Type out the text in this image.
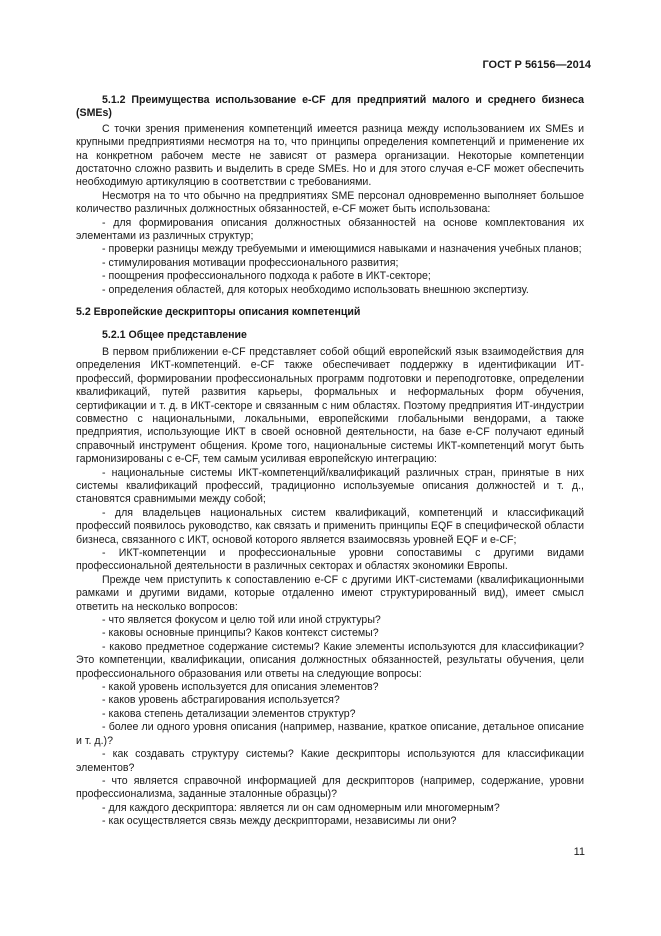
ГОСТ Р 56156—2014

5.1.2 Преимущества использование e-CF для предприятий малого и среднего бизнеса (SMEs)

С точки зрения применения компетенций имеется разница между использованием их SMEs и крупными предприятиями несмотря на то, что принципы определения компетенций и применение их на конкретном рабочем месте не зависят от размера организации. Некоторые компетенции достаточно сложно развить и выделить в среде SMEs. Но и для этого случая e-CF может обеспечить необходимую артикуляцию в соответствии с требованиями.

Несмотря на то что обычно на предприятиях SME персонал одновременно выполняет большое количество различных должностных обязанностей, e-CF может быть использована:

- для формирования описания должностных обязанностей на основе комплектования их элементами из различных структур;

- проверки разницы между требуемыми и имеющимися навыками и назначения учебных планов;

- стимулирования мотивации профессионального развития;

- поощрения профессионального подхода к работе в ИКТ-секторе;

- определения областей, для которых необходимо использовать внешнюю экспертизу.

5.2 Европейские дескрипторы описания компетенций

5.2.1 Общее представление

В первом приближении e-CF представляет собой общий европейский язык взаимодействия для определения ИКТ-компетенций. e-CF также обеспечивает поддержку в идентификации ИТ-профессий, формировании профессиональных программ подготовки и переподготовке, определении квалификаций, путей развития карьеры, формальных и неформальных форм обучения, сертификации и т. д. в ИКТ-секторе и связанным с ним областях. Поэтому предприятия ИТ-индустрии совместно с национальными, локальными, европейскими глобальными вендорами, а также предприятия, использующие ИКТ в своей основной деятельности, на базе e-CF получают единый справочный инструмент общения. Кроме того, национальные системы ИКТ-компетенций могут быть гармонизированы с e-CF, тем самым усиливая европейскую интеграцию:

- национальные системы ИКТ-компетенций/квалификаций различных стран, принятые в них системы квалификаций профессий, традиционно используемые описания должностей и т. д., становятся сравнимыми между собой;

- для владельцев национальных систем квалификаций, компетенций и классификаций профессий появилось руководство, как связать и применить принципы EQF в специфической области бизнеса, связанного с ИКТ, основой которого является взаимосвязь уровней EQF и e-CF;

- ИКТ-компетенции и профессиональные уровни сопоставимы с другими видами профессиональной деятельности в различных секторах и областях экономики Европы.

Прежде чем приступить к сопоставлению e-CF с другими ИКТ-системами (квалификационными рамками и другими видами, которые отдаленно имеют структурированный вид), имеет смысл ответить на несколько вопросов:

- что является фокусом и целю той или иной структуры?

- каковы основные принципы? Каков контекст системы?

- каково предметное содержание системы? Какие элементы используются для классификации? Это компетенции, квалификации, описания должностных обязанностей, результаты обучения, цели профессионального образования или ответы на следующие вопросы:

- какой уровень используется для описания элементов?

- каков уровень абстрагирования используется?

- какова степень детализации элементов структур?

- более ли одного уровня описания (например, название, краткое описание, детальное описание и т. д.)?

- как создавать структуру системы? Какие дескрипторы используются для классификации элементов?

- что является справочной информацией для дескрипторов (например, содержание, уровни профессионализма, заданные эталонные образцы)?

- для каждого дескриптора: является ли он сам одномерным или многомерным?

- как осуществляется связь между дескрипторами, независимы ли они?

11
